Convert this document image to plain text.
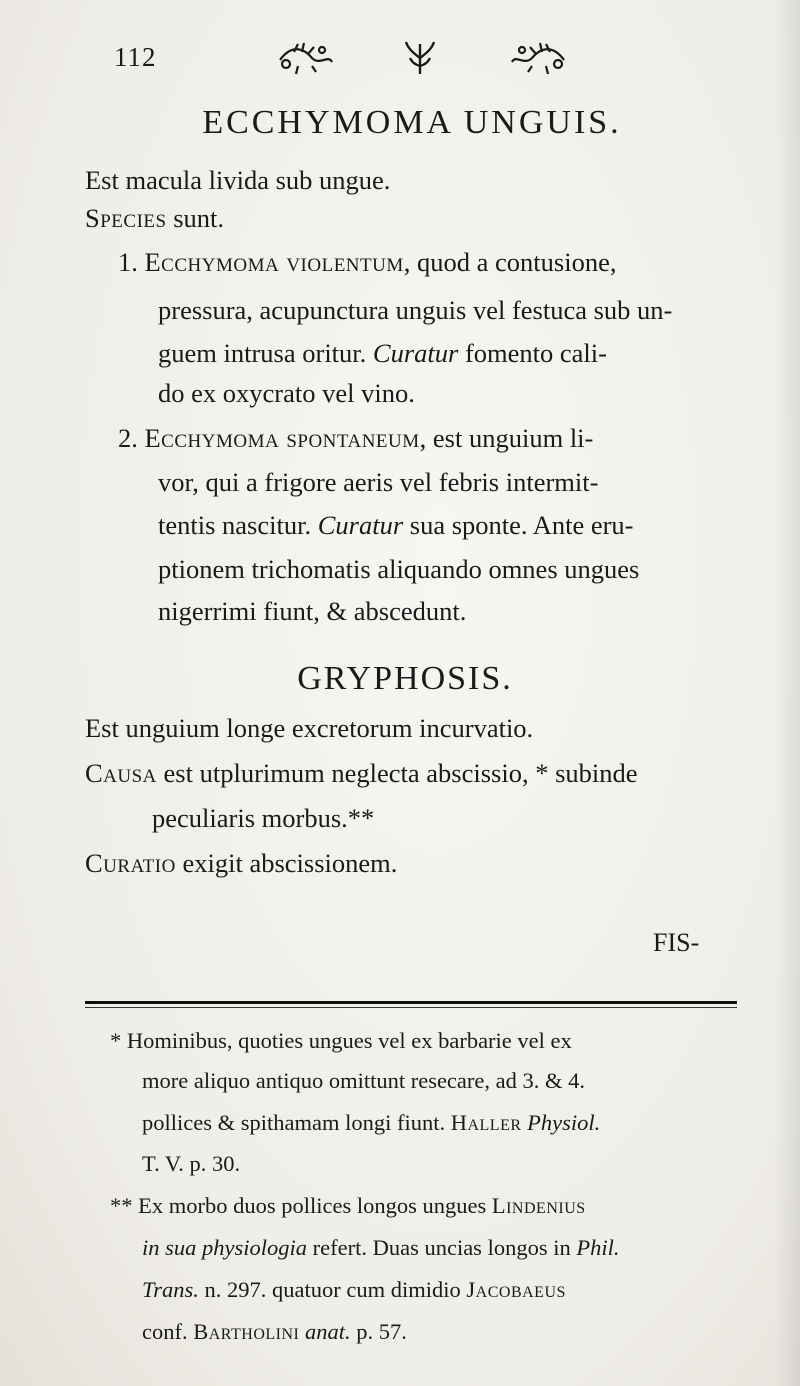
112
ECCHYMOMA UNGUIS.
Est macula livida sub ungue.
Species sunt.
1. Ecchymoma violentum, quod a contusione,
pressura, acupunctura unguis vel festuca sub un-
guem intrusa oritur. Curatur fomento cali-
do ex oxycrato vel vino.
2. Ecchymoma spontaneum, est unguium li-
vor, qui a frigore aeris vel febris intermit-
tentis nascitur. Curatur sua sponte. Ante eru-
ptionem trichomatis aliquando omnes ungues
nigerrimi fiunt, & abscedunt.
GRYPHOSIS.
Est unguium longe excretorum incurvatio.
Causa est utplurimum neglecta abscissio, * subinde
peculiaris morbus.**
Curatio exigit abscissionem.
FIS-
* Hominibus, quoties ungues vel ex barbarie vel ex
more aliquo antiquo omittunt resecare, ad 3. & 4.
pollices & spithamam longi fiunt. Haller Physiol.
T. V. p. 30.
** Ex morbo duos pollices longos ungues Lindenius
in sua physiologia refert. Duas uncias longos in Phil.
Trans. n. 297. quatuor cum dimidio Jacobaeus
conf. Bartholini anat. p. 57.
